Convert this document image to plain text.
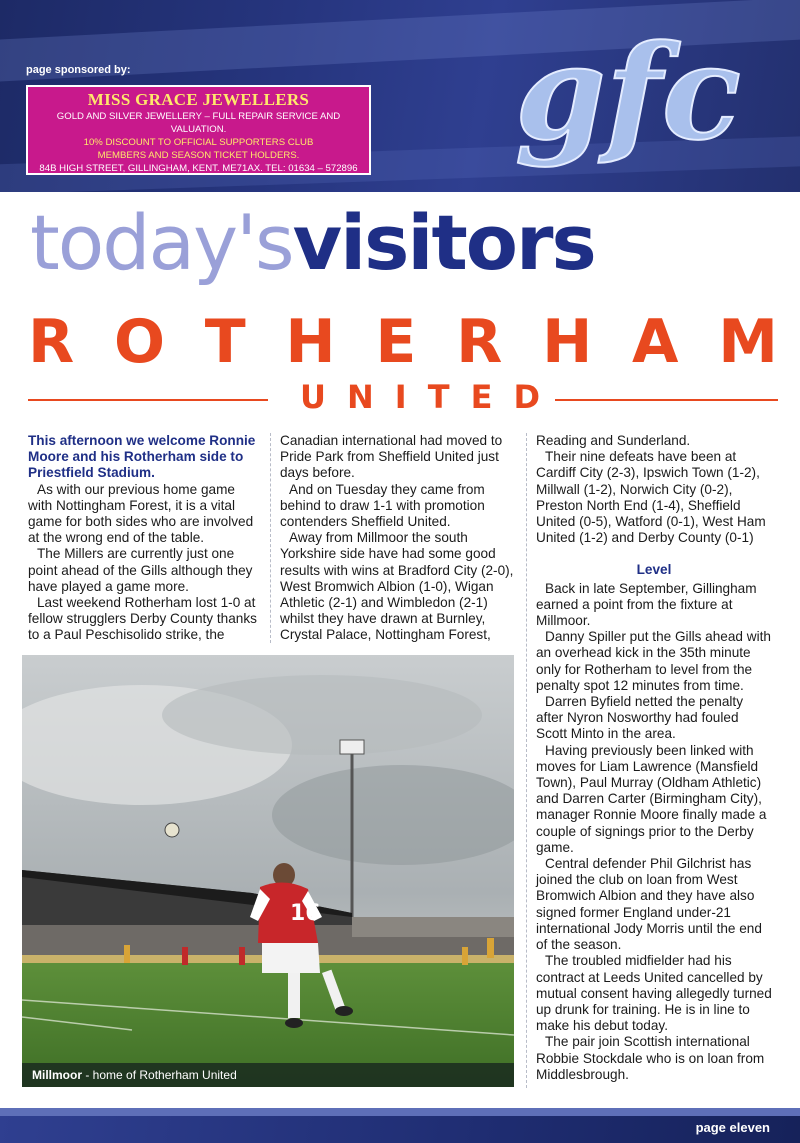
page sponsored by:
MISS GRACE JEWELLERS
GOLD AND SILVER JEWELLERY – FULL REPAIR SERVICE AND VALUATION.
10% DISCOUNT TO OFFICIAL SUPPORTERS CLUB
MEMBERS AND SEASON TICKET HOLDERS.
84B HIGH STREET, GILLINGHAM, KENT. ME71AX. TEL: 01634 – 572896 gfc
today'svisitors
R O T H E R H A M
U N I T E D

This afternoon we welcome Ronnie Moore and his Rotherham side to Priestfield Stadium.

As with our previous home game with Nottingham Forest, it is a vital game for both sides who are involved at the wrong end of the table.

The Millers are currently just one point ahead of the Gills although they have played a game more.

Last weekend Rotherham lost 1-0 at fellow strugglers Derby County thanks to a Paul Peschisolido strike, the

Canadian international had moved to Pride Park from Sheffield United just days before.

And on Tuesday they came from behind to draw 1-1 with promotion contenders Sheffield United.

Away from Millmoor the south Yorkshire side have had some good results with wins at Bradford City (2-0), West Bromwich Albion (1-0), Wigan Athletic (2-1) and Wimbledon (2-1) whilst they have drawn at Burnley, Crystal Palace, Nottingham Forest,

Reading and Sunderland.

Their nine defeats have been at Cardiff City (2-3), Ipswich Town (1-2), Millwall (1-2), Norwich City (0-2), Preston North End (1-4), Sheffield United (0-5), Watford (0-1), West Ham United (1-2) and Derby County (0-1)

Level

Back in late September, Gillingham earned a point from the fixture at Millmoor.

Danny Spiller put the Gills ahead with an overhead kick in the 35th minute only for Rotherham to level from the penalty spot 12 minutes from time.

Darren Byfield netted the penalty after Nyron Nosworthy had fouled Scott Minto in the area.

Having previously been linked with moves for Liam Lawrence (Mansfield Town), Paul Murray (Oldham Athletic) and Darren Carter (Birmingham City), manager Ronnie Moore finally made a couple of signings prior to the Derby game.

Central defender Phil Gilchrist has joined the club on loan from West Bromwich Albion and they have also signed former England under-21 international Jody Morris until the end of the season.

The troubled midfielder had his contract at Leeds United cancelled by mutual consent having allegedly turned up drunk for training. He is in line to make his debut today.

The pair join Scottish international Robbie Stockdale who is on loan from Middlesbrough.

16
Millmoor - home of Rotherham United
page eleven
